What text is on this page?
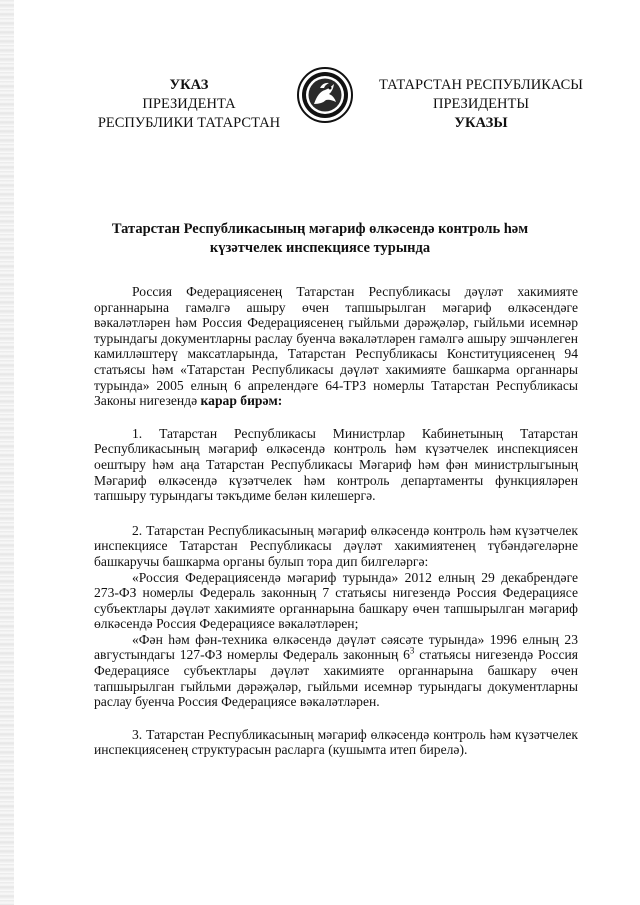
УКАЗ
ПРЕЗИДЕНТА
РЕСПУБЛИКИ ТАТАРСТАН
ТАТАРСТАН РЕСПУБЛИКАСЫ
ПРЕЗИДЕНТЫ
УКАЗЫ
Татарстан Республикасының мәгариф өлкәсендә контроль һәм
күзәтчелек инспекциясе турында

Россия Федерациясенең Татарстан Республикасы дәүләт хакимияте органнарына гамәлгә ашыру өчен тапшырылган мәгариф өлкәсендәге вәкаләтләрен һәм Россия Федерациясенең гыйльми дәрәҗәләр, гыйльми исемнәр турындагы документларны раслау буенча вәкаләтләрен гамәлгә ашыру эшчәнлеген камилләштерү максатларында, Татарстан Республикасы Конституциясенең 94 статьясы һәм «Татарстан Республикасы дәүләт хакимияте башкарма органнары турында» 2005 елның 6 апрелендәге 64-ТРЗ номерлы Татарстан Республикасы Законы нигезендә карар бирәм:

1. Татарстан Республикасы Министрлар Кабинетының Татарстан Республикасының мәгариф өлкәсендә контроль һәм күзәтчелек инспекциясен оештыру һәм аңа Татарстан Республикасы Мәгариф һәм фән министрлыгының Мәгариф өлкәсендә күзәтчелек һәм контроль департаменты функцияләрен тапшыру турындагы тәкъдиме белән килешергә.

2. Татарстан Республикасының мәгариф өлкәсендә контроль һәм күзәтчелек инспекциясе Татарстан Республикасы дәүләт хакимиятенең түбәндәгеләрне башкаручы башкарма органы булып тора дип билгеләргә:

«Россия Федерациясендә мәгариф турында» 2012 елның 29 декабрендәге 273-ФЗ номерлы Федераль законның 7 статьясы нигезендә Россия Федерациясе субъектлары дәүләт хакимияте органнарына башкару өчен тапшырылган мәгариф өлкәсендә Россия Федерациясе вәкаләтләрен;

«Фән һәм фән-техника өлкәсендә дәүләт сәясәте турында» 1996 елның 23 августындагы 127-ФЗ номерлы Федераль законның $6^3$ статьясы нигезендә Россия Федерациясе субъектлары дәүләт хакимияте органнарына башкару өчен тапшырылган гыйльми дәрәҗәләр, гыйльми исемнәр турындагы документларны раслау буенча Россия Федерациясе вәкаләтләрен.

3. Татарстан Республикасының мәгариф өлкәсендә контроль һәм күзәтчелек инспекциясенең структурасын расларга (кушымта итеп бирелә).
